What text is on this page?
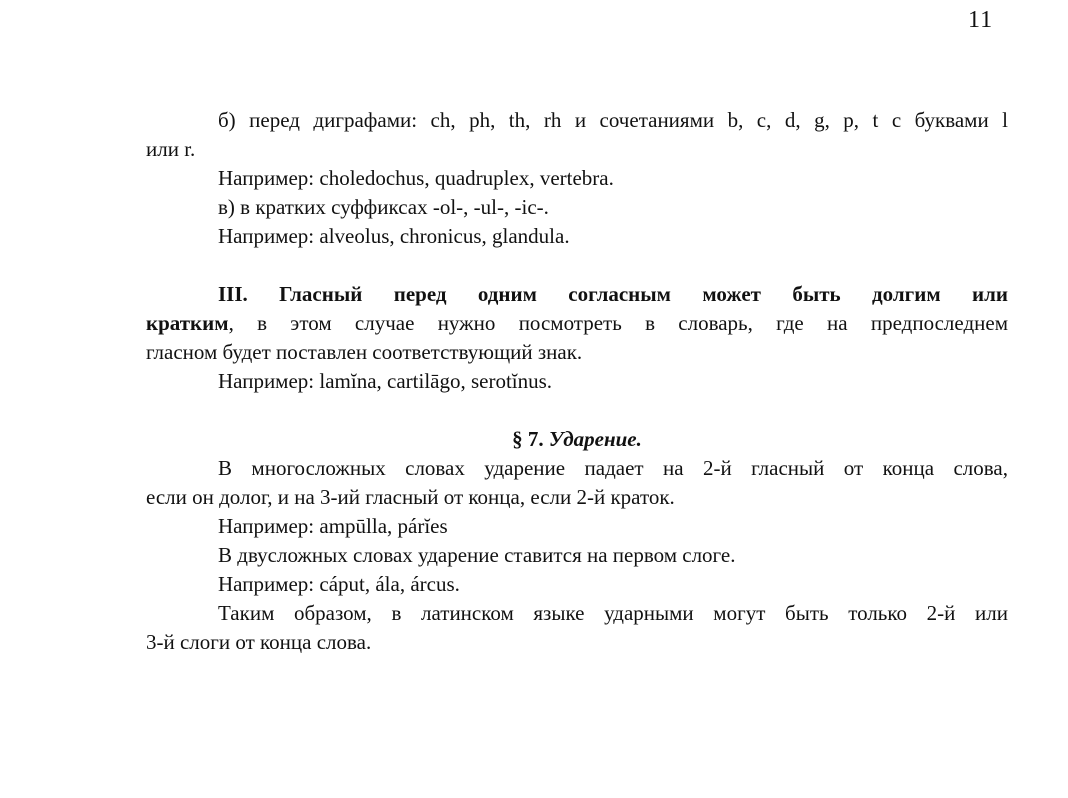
11
б) перед диграфами: ch, ph, th, rh и сочетаниями b, c, d, g, p, t с буквами l
или r.
Например: choledochus, quadruplex, vertebra.
в) в кратких суффиксах -ol-, -ul-, -ic-.
Например: alveolus, chronicus, glandula.
III. Гласный перед одним согласным может быть долгим или
кратким, в этом случае нужно посмотреть в словарь, где на предпоследнем
гласном будет поставлен соответствующий знак.
Например: lamĭna, cartilāgo, serotĭnus.
§ 7. Ударение.
В многосложных словах ударение падает на 2-й гласный от конца слова,
если он долог, и на 3-ий гласный от конца, если 2-й краток.
Например: ampūlla, párĭes
В двусложных словах ударение ставится на первом слоге.
Например: cáput, ála, árcus.
Таким образом, в латинском языке ударными могут быть только 2-й или
3-й слоги от конца слова.
